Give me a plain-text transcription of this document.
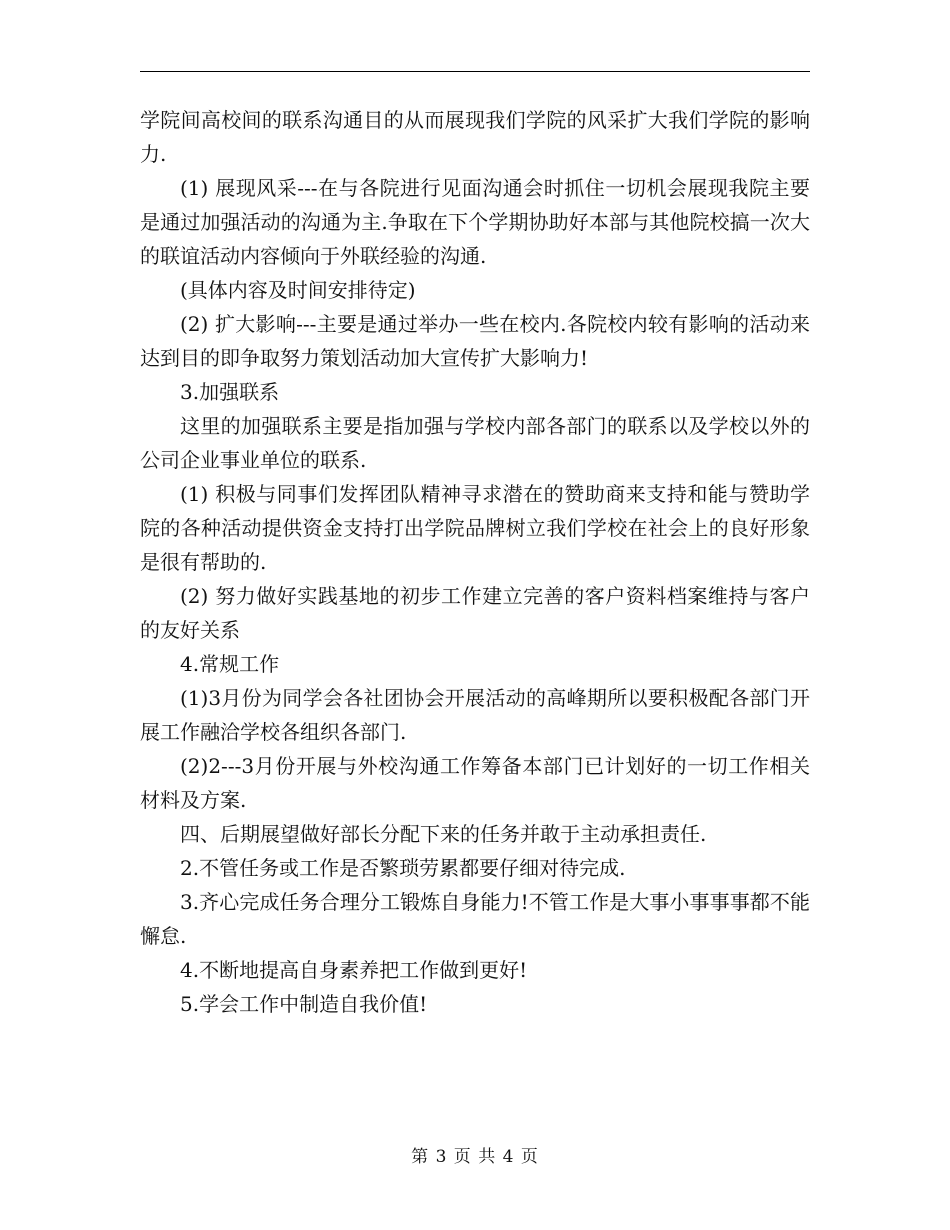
学院间高校间的联系沟通目的从而展现我们学院的风采扩大我们学院的影响力.

(1) 展现风采---在与各院进行见面沟通会时抓住一切机会展现我院主要是通过加强活动的沟通为主.争取在下个学期协助好本部与其他院校搞一次大的联谊活动内容倾向于外联经验的沟通.

(具体内容及时间安排待定)

(2) 扩大影响---主要是通过举办一些在校内.各院校内较有影响的活动来达到目的即争取努力策划活动加大宣传扩大影响力!

3.加强联系

这里的加强联系主要是指加强与学校内部各部门的联系以及学校以外的公司企业事业单位的联系.

(1) 积极与同事们发挥团队精神寻求潜在的赞助商来支持和能与赞助学院的各种活动提供资金支持打出学院品牌树立我们学校在社会上的良好形象是很有帮助的.

(2) 努力做好实践基地的初步工作建立完善的客户资料档案维持与客户的友好关系

4.常规工作

(1)3月份为同学会各社团协会开展活动的高峰期所以要积极配各部门开展工作融洽学校各组织各部门.

(2)2---3月份开展与外校沟通工作筹备本部门已计划好的一切工作相关材料及方案.

四、后期展望做好部长分配下来的任务并敢于主动承担责任.

2.不管任务或工作是否繁琐劳累都要仔细对待完成.

3.齐心完成任务合理分工锻炼自身能力!不管工作是大事小事事事都不能懈怠.

4.不断地提高自身素养把工作做到更好!

5.学会工作中制造自我价值!

第 3 页 共 4 页
